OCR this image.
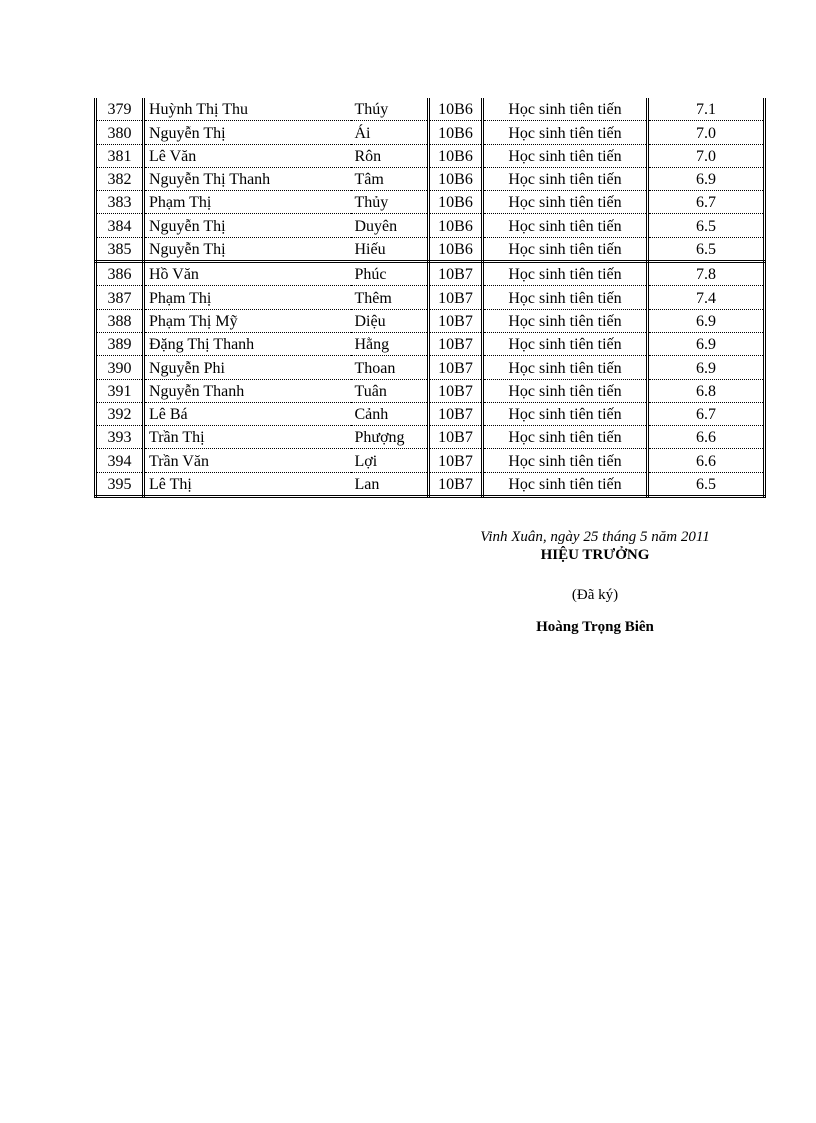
379	Huỳnh Thị Thu	Thúy	10B6	Học sinh tiên tiến	7.1
380	Nguyễn Thị	Ái	10B6	Học sinh tiên tiến	7.0
381	Lê Văn	Rôn	10B6	Học sinh tiên tiến	7.0
382	Nguyễn Thị Thanh	Tâm	10B6	Học sinh tiên tiến	6.9
383	Phạm Thị	Thủy	10B6	Học sinh tiên tiến	6.7
384	Nguyễn Thị	Duyên	10B6	Học sinh tiên tiến	6.5
385	Nguyễn Thị	Hiếu	10B6	Học sinh tiên tiến	6.5
386	Hồ Văn	Phúc	10B7	Học sinh tiên tiến	7.8
387	Phạm Thị	Thêm	10B7	Học sinh tiên tiến	7.4
388	Phạm Thị Mỹ	Diệu	10B7	Học sinh tiên tiến	6.9
389	Đặng Thị Thanh	Hằng	10B7	Học sinh tiên tiến	6.9
390	Nguyễn Phi	Thoan	10B7	Học sinh tiên tiến	6.9
391	Nguyễn Thanh	Tuân	10B7	Học sinh tiên tiến	6.8
392	Lê Bá	Cảnh	10B7	Học sinh tiên tiến	6.7
393	Trần Thị	Phượng	10B7	Học sinh tiên tiến	6.6
394	Trần Văn	Lợi	10B7	Học sinh tiên tiến	6.6
395	Lê Thị	Lan	10B7	Học sinh tiên tiến	6.5
Vinh Xuân, ngày 25 tháng 5 năm 2011
HIỆU TRƯỞNG
(Đã ký)
Hoàng Trọng Biên
